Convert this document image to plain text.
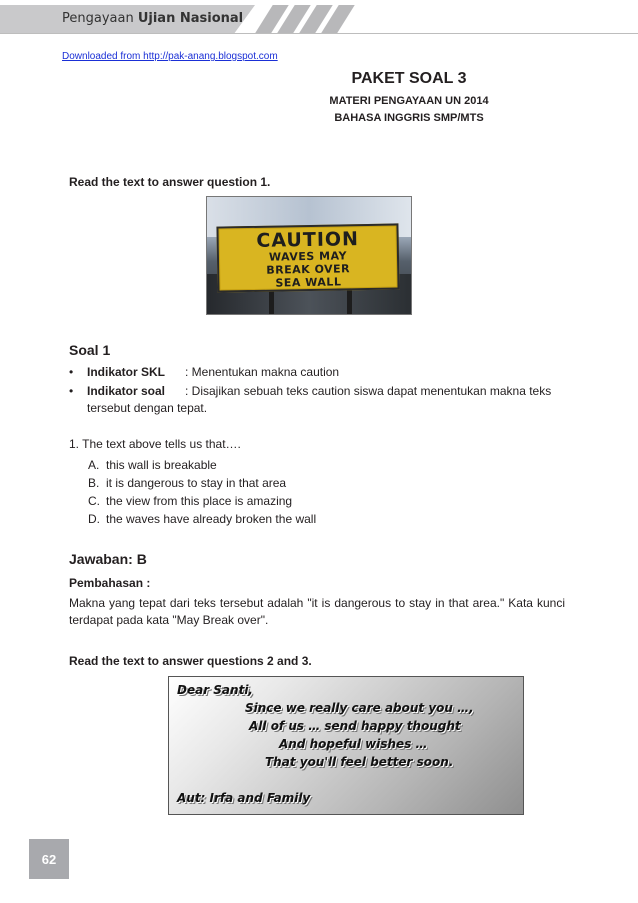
Pengayaan Ujian Nasional
Downloaded from http://pak-anang.blogspot.com
PAKET SOAL 3
MATERI PENGAYAAN UN 2014
BAHASA INGGRIS SMP/MTS
Read the text to answer question 1.
CAUTION
WAVES MAY
BREAK OVER
SEA WALL
Soal 1
• Indikator SKL	: Menentukan makna caution
• Indikator soal	: Disajikan sebuah teks caution siswa dapat menentukan makna teks
tersebut dengan tepat.
1. The text above tells us that….
A. this wall is breakable
B. it is dangerous to stay in that area
C. the view from this place is amazing
D. the waves have already broken the wall
Jawaban: B
Pembahasan :
Makna yang tepat dari teks tersebut adalah "it is dangerous to stay in that area." Kata kunci terdapat pada kata "May Break over".
Read the text to answer questions 2 and 3.
Dear Santi,
Since we really care about you …,
All of us … send happy thought
And hopeful wishes …
That you'll feel better soon.
Aut: Irfa and Family
62
